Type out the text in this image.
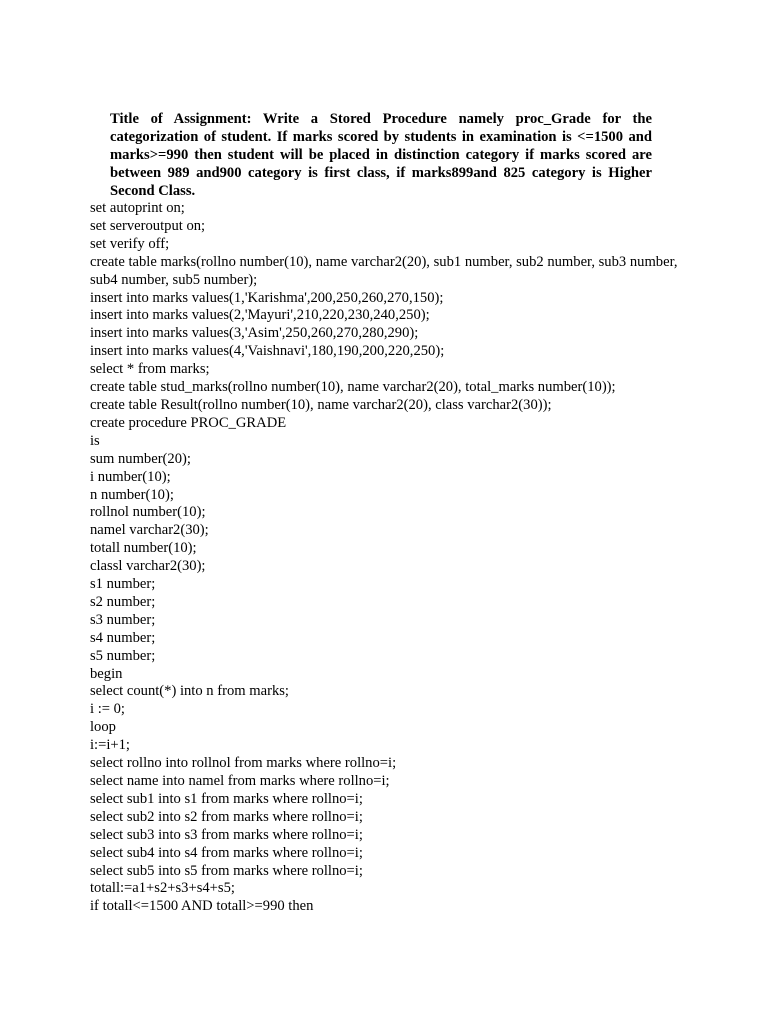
Title of Assignment: Write a Stored Procedure namely proc_Grade for the categorization of student. If marks scored by students in examination is <=1500 and marks>=990 then student will be placed in distinction category if marks scored are between 989 and900 category is first class, if marks899and 825 category is Higher Second Class.
set autoprint on;
set serveroutput on;
set verify off;
create table marks(rollno number(10), name varchar2(20), sub1 number, sub2 number, sub3 number, sub4 number, sub5 number);
insert into marks values(1,'Karishma',200,250,260,270,150);
insert into marks values(2,'Mayuri',210,220,230,240,250);
insert into marks values(3,'Asim',250,260,270,280,290);
insert into marks values(4,'Vaishnavi',180,190,200,220,250);
select * from marks;
create table stud_marks(rollno number(10), name varchar2(20), total_marks number(10));
create table Result(rollno number(10), name varchar2(20), class varchar2(30));
create procedure PROC_GRADE
is
sum number(20);
i number(10);
n number(10);
rollnol number(10);
namel varchar2(30);
totall number(10);
classl varchar2(30);
s1 number;
s2 number;
s3 number;
s4 number;
s5 number;
begin
select count(*) into n from marks;
i := 0;
loop
i:=i+1;
select rollno into rollnol from marks where rollno=i;
select name into namel from marks where rollno=i;
select sub1 into s1 from marks where rollno=i;
select sub2 into s2 from marks where rollno=i;
select sub3 into s3 from marks where rollno=i;
select sub4 into s4 from marks where rollno=i;
select sub5 into s5 from marks where rollno=i;
totall:=a1+s2+s3+s4+s5;
if totall<=1500 AND totall>=990 then
